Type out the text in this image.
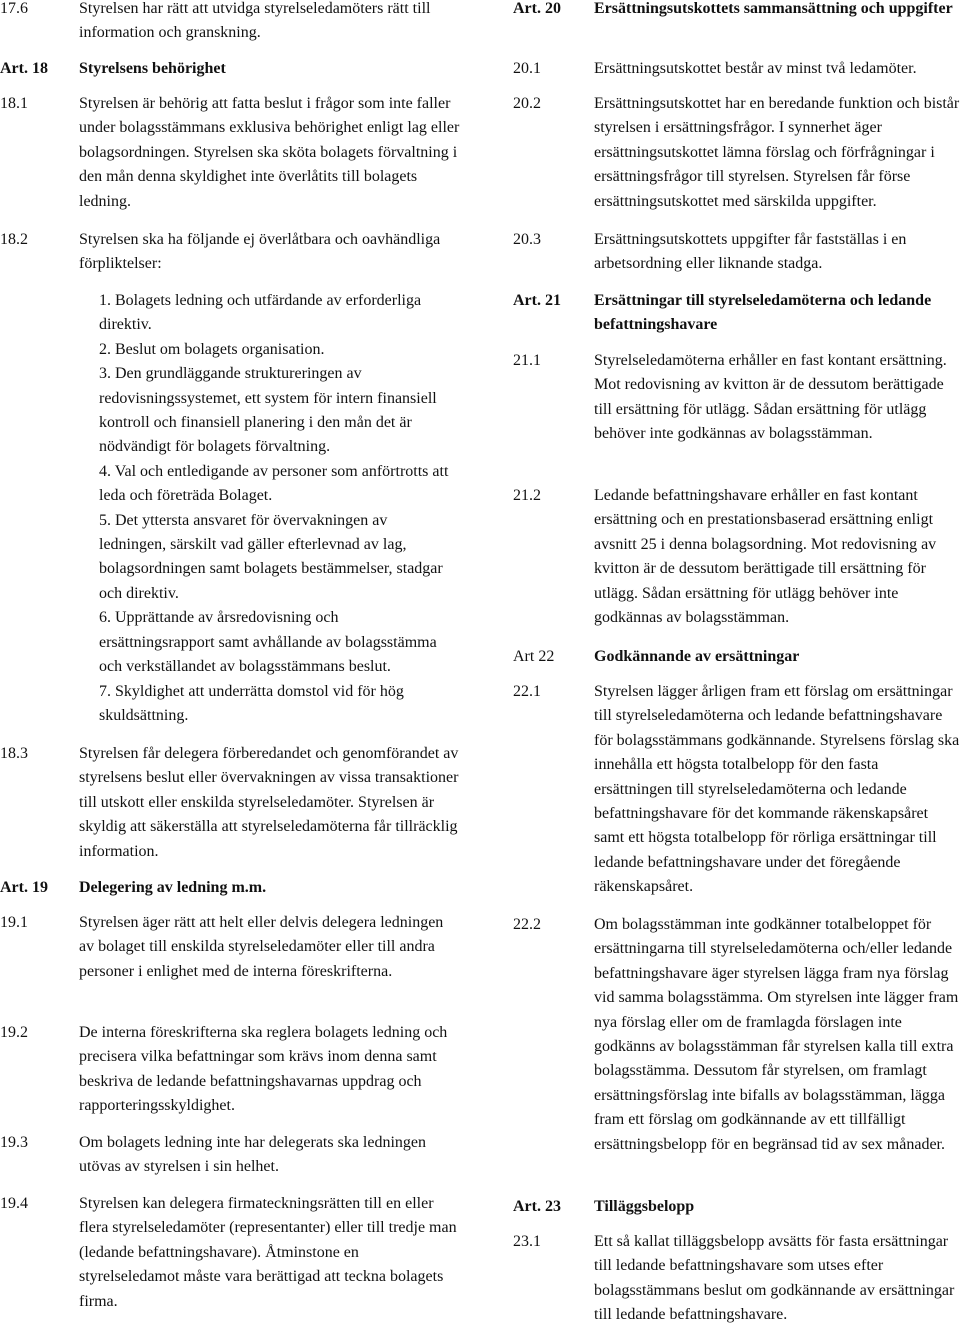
17.6	Styrelsen har rätt att utvidga styrelseledamöters rätt till information och granskning.

Art. 18	Styrelsens behörighet

18.1	Styrelsen är behörig att fatta beslut i frågor som inte faller under bolagsstämmans exklusiva behörighet enligt lag eller bolagsordningen. Styrelsen ska sköta bolagets förvaltning i den mån denna skyldighet inte överlåtits till bolagets ledning.

18.2	Styrelsen ska ha följande ej överlåtbara och oavhändliga förpliktelser:

1. Bolagets ledning och utfärdande av erforderliga direktiv.
2. Beslut om bolagets organisation.
3. Den grundläggande struktureringen av redovisningssystemet, ett system för intern finansiell kontroll och finansiell planering i den mån det är nödvändigt för bolagets förvaltning.
4. Val och entledigande av personer som anförtrotts att leda och företräda Bolaget.
5. Det yttersta ansvaret för övervakningen av ledningen, särskilt vad gäller efterlevnad av lag, bolagsordningen samt bolagets bestämmelser, stadgar och direktiv.
6. Upprättande av årsredovisning och ersättningsrapport samt avhållande av bolagsstämma och verkställandet av bolagsstämmans beslut.
7. Skyldighet att underrätta domstol vid för hög skuldsättning.
18.3	Styrelsen får delegera förberedandet och genomförandet av styrelsens beslut eller övervakningen av vissa transaktioner till utskott eller enskilda styrelseledamöter. Styrelsen är skyldig att säkerställa att styrelseledamöterna får tillräcklig information.

Art. 19	Delegering av ledning m.m.

19.1	Styrelsen äger rätt att helt eller delvis delegera ledningen av bolaget till enskilda styrelseledamöter eller till andra personer i enlighet med de interna föreskrifterna.

19.2	De interna föreskrifterna ska reglera bolagets ledning och precisera vilka befattningar som krävs inom denna samt beskriva de ledande befattningshavarnas uppdrag och rapporteringsskyldighet.

19.3	Om bolagets ledning inte har delegerats ska ledningen utövas av styrelsen i sin helhet.

19.4	Styrelsen kan delegera firmateckningsrätten till en eller flera styrelseledamöter (representanter) eller till tredje man (ledande befattningshavare). Åtminstone en styrelseledamot måste vara berättigad att teckna bolagets firma.

Art. 20	Ersättningsutskottets sammansättning och uppgifter

20.1	Ersättningsutskottet består av minst två ledamöter.

20.2	Ersättningsutskottet har en beredande funktion och bistår styrelsen i ersättningsfrågor. I synnerhet äger ersättningsutskottet lämna förslag och förfrågningar i ersättningsfrågor till styrelsen. Styrelsen får förse ersättningsutskottet med särskilda uppgifter.

20.3	Ersättningsutskottets uppgifter får fastställas i en arbetsordning eller liknande stadga.

Art. 21	Ersättningar till styrelseledamöterna och ledande befattningshavare

21.1	Styrelseledamöterna erhåller en fast kontant ersättning. Mot redovisning av kvitton är de dessutom berättigade till ersättning för utlägg. Sådan ersättning för utlägg behöver inte godkännas av bolagsstämman.

21.2	Ledande befattningshavare erhåller en fast kontant ersättning och en prestationsbaserad ersättning enligt avsnitt 25 i denna bolagsordning. Mot redovisning av kvitton är de dessutom berättigade till ersättning för utlägg. Sådan ersättning för utlägg behöver inte godkännas av bolagsstämman.

Art 22	Godkännande av ersättningar

22.1	Styrelsen lägger årligen fram ett förslag om ersättningar till styrelseledamöterna och ledande befattningshavare för bolagsstämmans godkännande. Styrelsens förslag ska innehålla ett högsta totalbelopp för den fasta ersättningen till styrelseledamöterna och ledande befattningshavare för det kommande räkenskapsåret samt ett högsta totalbelopp för rörliga ersättningar till ledande befattningshavare under det föregående räkenskapsåret.

22.2	Om bolagsstämman inte godkänner totalbeloppet för ersättningarna till styrelseledamöterna och/eller ledande befattningshavare äger styrelsen lägga fram nya förslag vid samma bolagsstämma. Om styrelsen inte lägger fram nya förslag eller om de framlagda förslagen inte godkänns av bolagsstämman får styrelsen kalla till extra bolagsstämma. Dessutom får styrelsen, om framlagt ersättningsförslag inte bifalls av bolagsstämman, lägga fram ett förslag om godkännande av ett tillfälligt ersättningsbelopp för en begränsad tid av sex månader.

Art. 23	Tilläggsbelopp

23.1	Ett så kallat tilläggsbelopp avsätts för fasta ersättningar till ledande befattningshavare som utses efter bolagsstämmans beslut om godkännande av ersättningar till ledande befattningshavare.
